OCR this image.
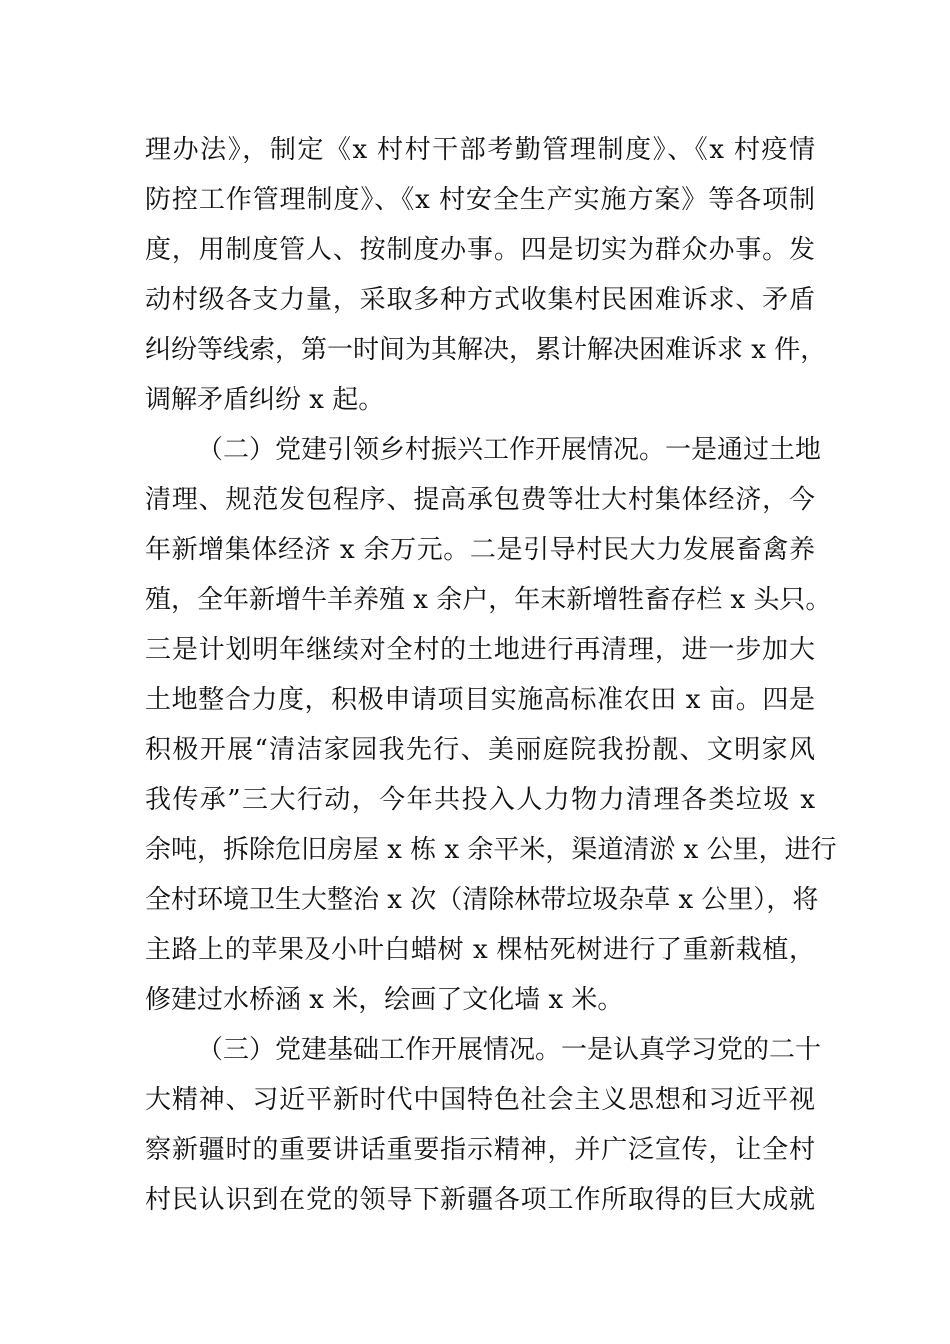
理办法》，制定《x 村村干部考勤管理制度》、《x 村疫情
防控工作管理制度》、《x 村安全生产实施方案》等各项制
度，用制度管人、按制度办事。四是切实为群众办事。发
动村级各支力量，采取多种方式收集村民困难诉求、矛盾
纠纷等线索，第一时间为其解决，累计解决困难诉求 x 件，
调解矛盾纠纷 x 起。
（二）党建引领乡村振兴工作开展情况。一是通过土地
清理、规范发包程序、提高承包费等壮大村集体经济，今
年新增集体经济 x 余万元。二是引导村民大力发展畜禽养
殖，全年新增牛羊养殖 x 余户，年末新增牲畜存栏 x 头只。
三是计划明年继续对全村的土地进行再清理，进一步加大
土地整合力度，积极申请项目实施高标准农田 x 亩。四是
积极开展“清洁家园我先行、美丽庭院我扮靓、文明家风
我传承”三大行动，今年共投入人力物力清理各类垃圾 x
余吨，拆除危旧房屋 x 栋 x 余平米，渠道清淤 x 公里，进行
全村环境卫生大整治 x 次（清除林带垃圾杂草 x 公里），将
主路上的苹果及小叶白蜡树 x 棵枯死树进行了重新栽植，
修建过水桥涵 x 米，绘画了文化墙 x 米。
（三）党建基础工作开展情况。一是认真学习党的二十
大精神、习近平新时代中国特色社会主义思想和习近平视
察新疆时的重要讲话重要指示精神，并广泛宣传，让全村
村民认识到在党的领导下新疆各项工作所取得的巨大成就
